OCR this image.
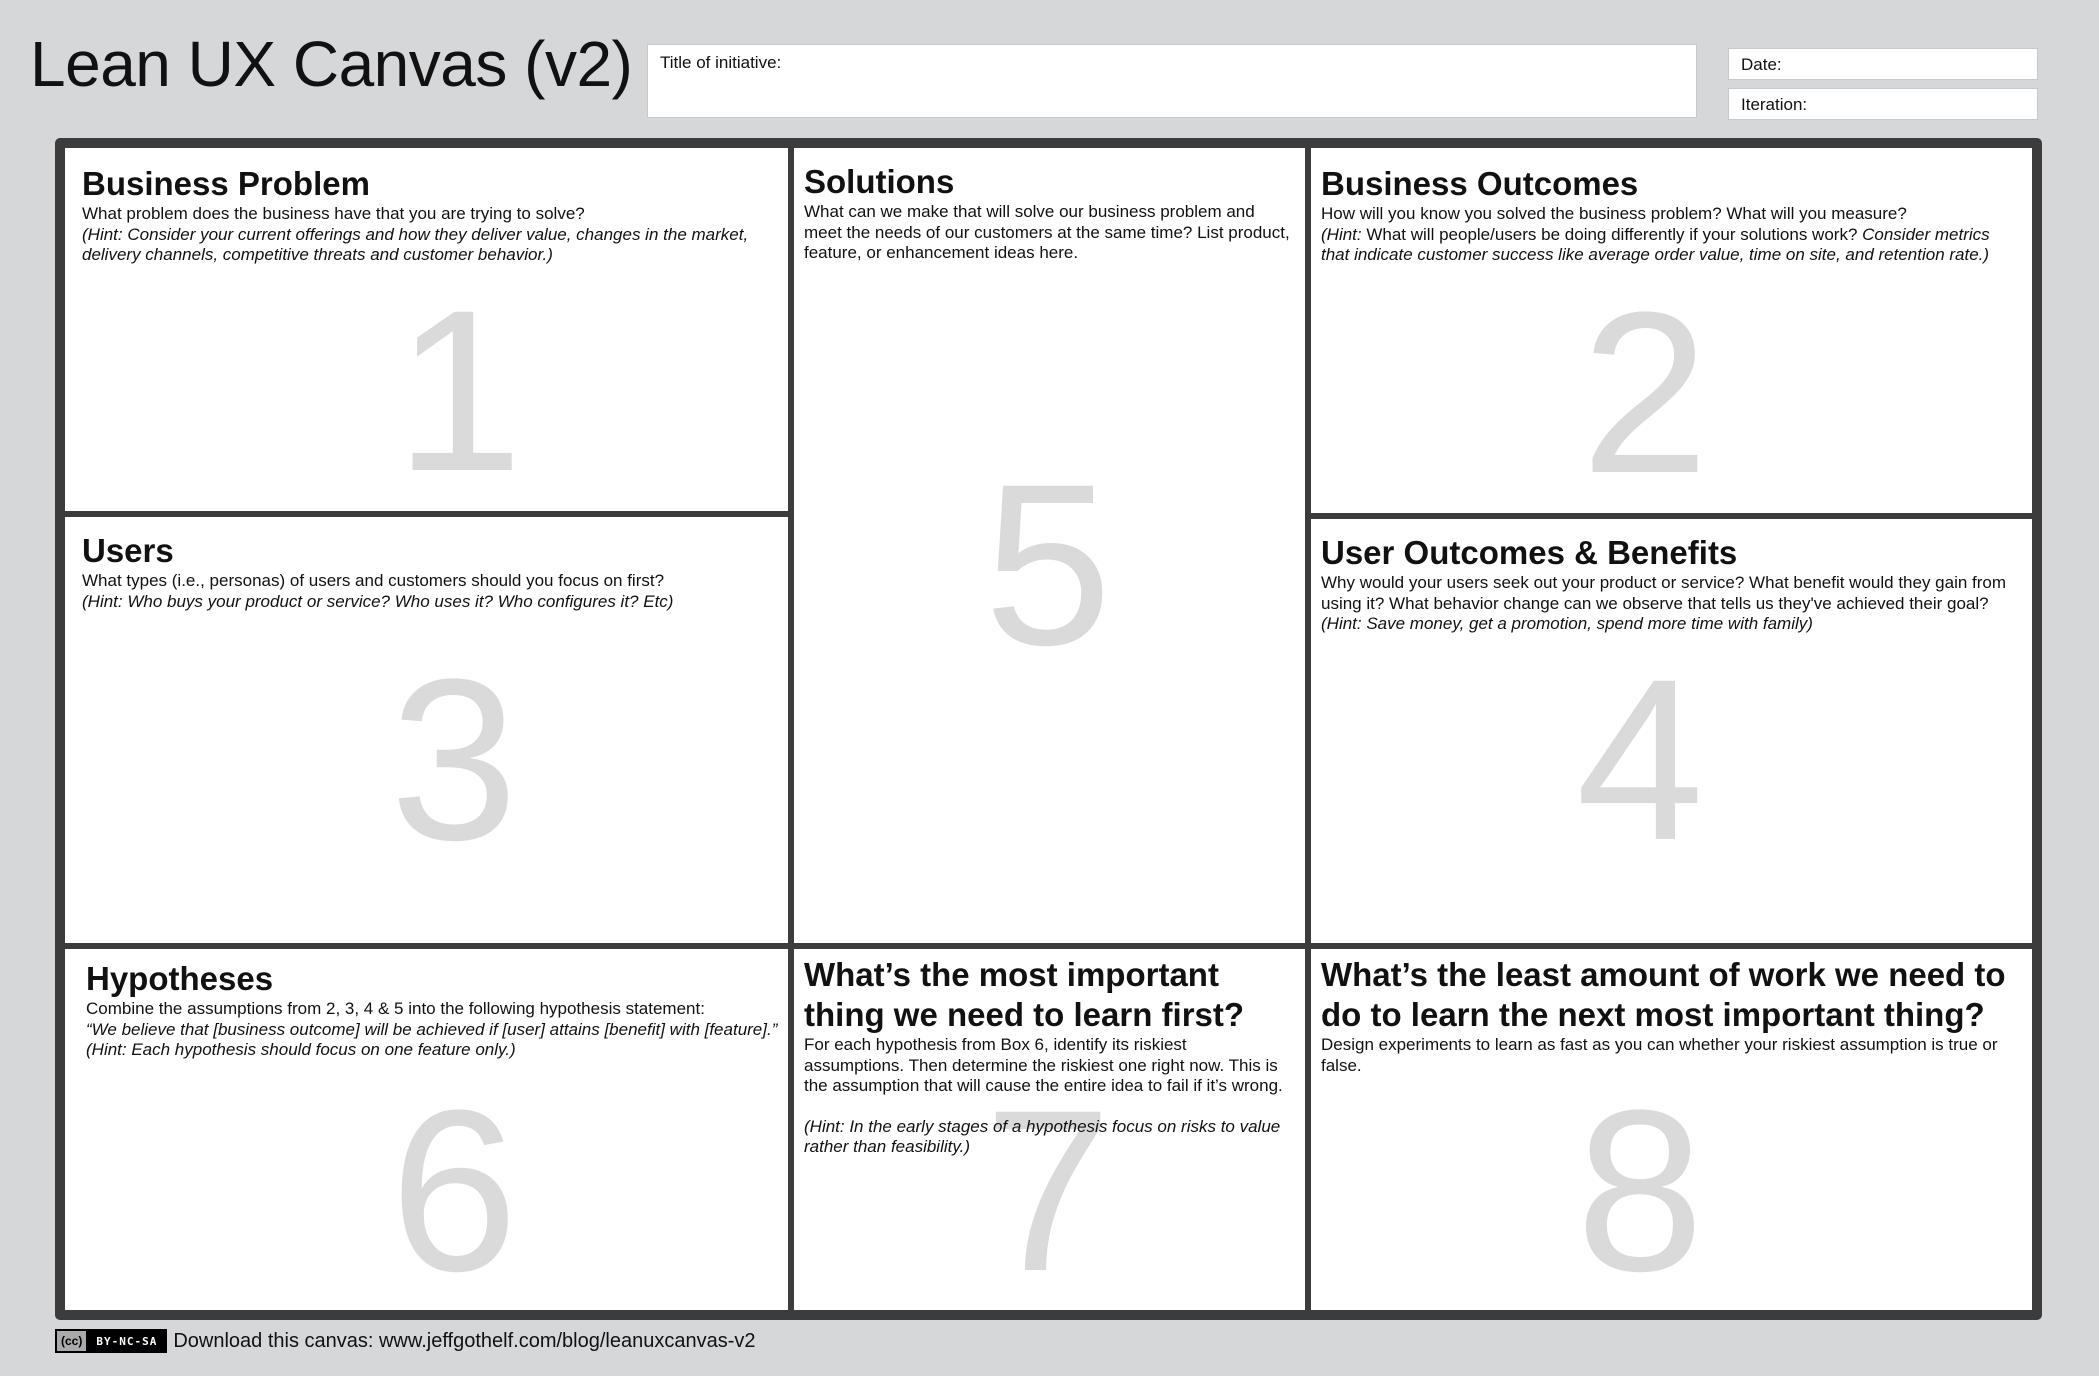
Lean UX Canvas (v2) Title of initiative:	Date:
Iteration:
Business Problem

What problem does the business have that you are trying to solve?

(Hint: Consider your current offerings and how they deliver value, changes in the market, delivery channels, competitive threats and customer behavior.)

1
Solutions

What can we make that will solve our business problem and meet the needs of our customers at the same time? List product, feature, or enhancement ideas here.

5
Business Outcomes

How will you know you solved the business problem? What will you measure?

(Hint: What will people/users be doing differently if your solutions work? Consider metrics that indicate customer success like average order value, time on site, and retention rate.)

2
Users

What types (i.e., personas) of users and customers should you focus on first?

(Hint: Who buys your product or service? Who uses it? Who configures it? Etc)

3
User Outcomes & Benefits

Why would your users seek out your product or service? What benefit would they gain from using it? What behavior change can we observe that tells us they've achieved their goal?

(Hint: Save money, get a promotion, spend more time with family)

4
Hypotheses

Combine the assumptions from 2, 3, 4 & 5 into the following hypothesis statement:

“We believe that [business outcome] will be achieved if [user] attains [benefit] with [feature].”

(Hint: Each hypothesis should focus on one feature only.)

6
What’s the most important thing we need to learn first?

For each hypothesis from Box 6, identify its riskiest assumptions. Then determine the riskiest one right now. This is the assumption that will cause the entire idea to fail if it’s wrong.

(Hint: In the early stages of a hypothesis focus on risks to value rather than feasibility.) 7
What’s the least amount of work we need to do to learn the next most important thing?

Design experiments to learn as fast as you can whether your riskiest assumption is true or false. 8
(cc)	BY-NC-SA Download this canvas: www.jeffgothelf.com/blog/leanuxcanvas-v2
